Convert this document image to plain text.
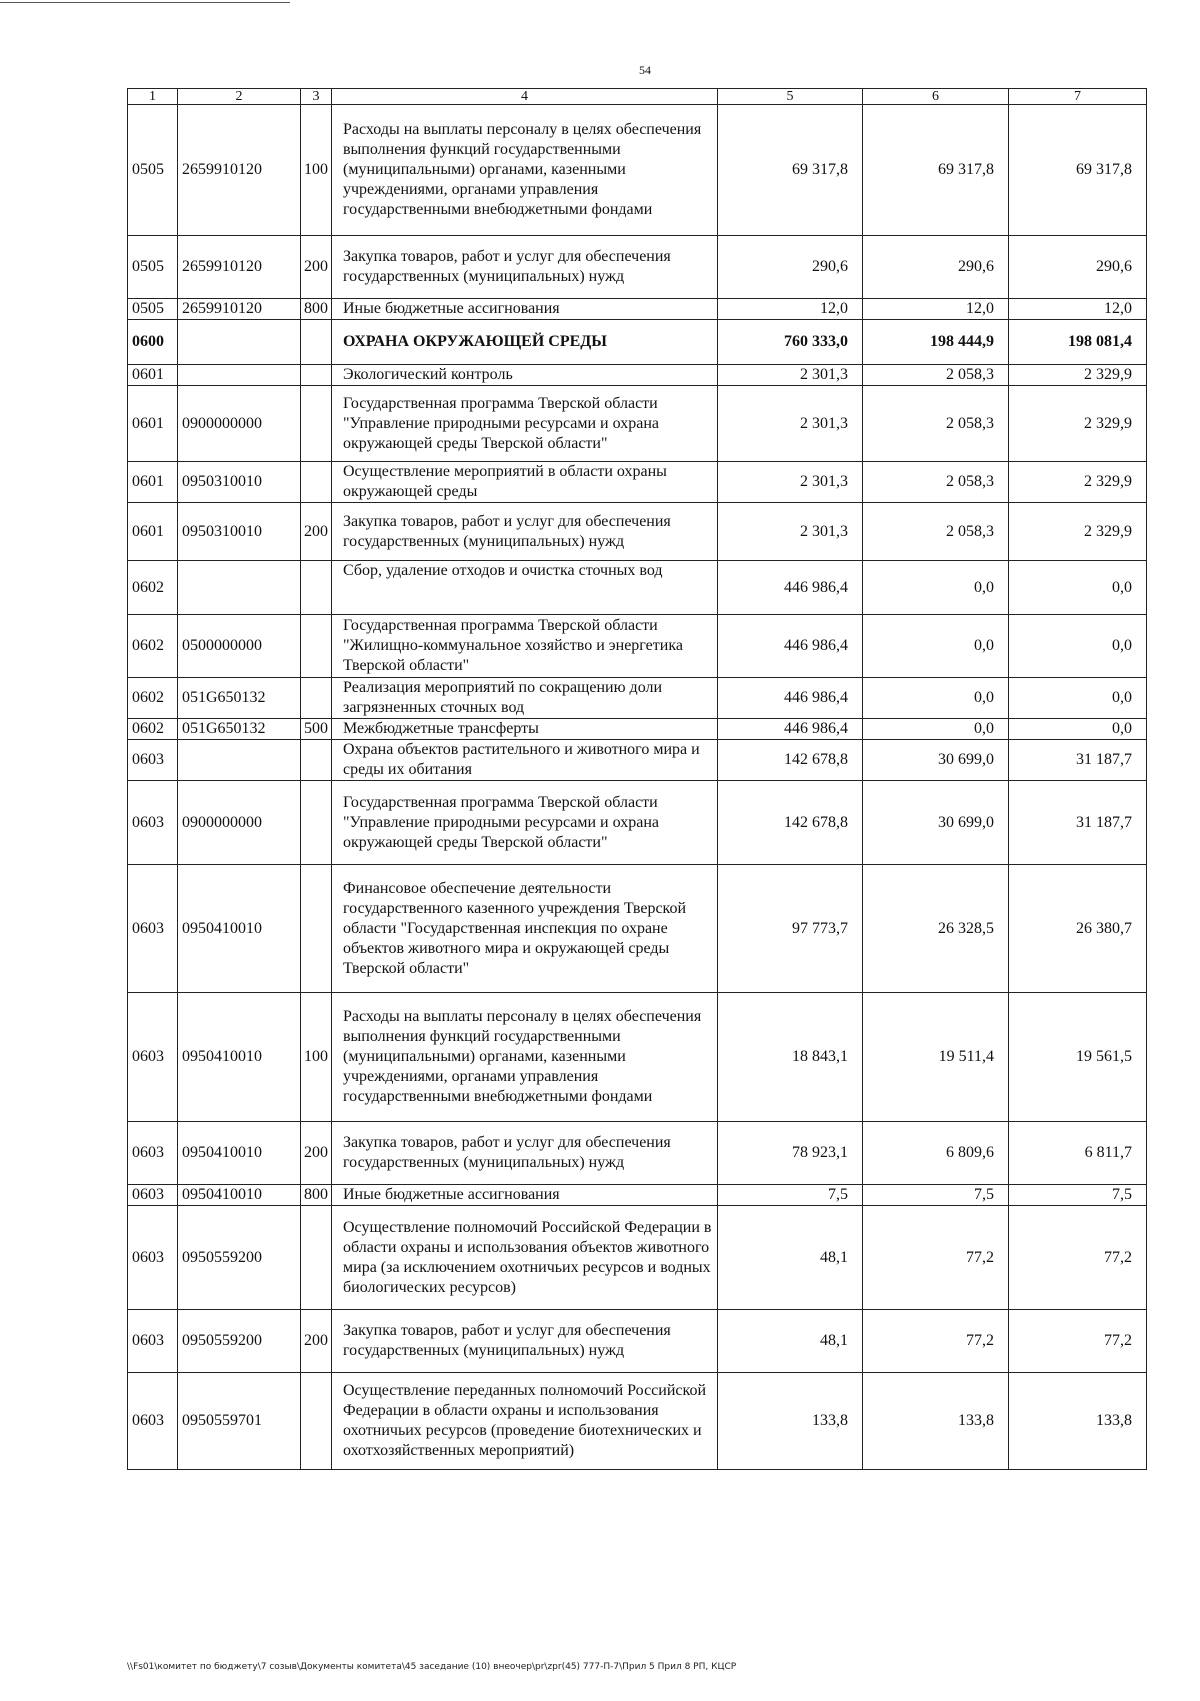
54
1	2	3	4	5	6	7
0505	2659910120	100	Расходы на выплаты персоналу в целях обеспечения выполнения функций государственными (муниципальными) органами, казенными учреждениями, органами управления государственными внебюджетными фондами	69 317,8	69 317,8	69 317,8
0505	2659910120	200	Закупка товаров, работ и услуг для обеспечения государственных (муниципальных) нужд	290,6	290,6	290,6
0505	2659910120	800	Иные бюджетные ассигнования	12,0	12,0	12,0
0600			ОХРАНА ОКРУЖАЮЩЕЙ СРЕДЫ	760 333,0	198 444,9	198 081,4
0601			Экологический контроль	2 301,3	2 058,3	2 329,9
0601	0900000000		Государственная программа Тверской области "Управление природными ресурсами и охрана окружающей среды Тверской области"	2 301,3	2 058,3	2 329,9
0601	0950310010		Осуществление мероприятий в области охраны окружающей среды	2 301,3	2 058,3	2 329,9
0601	0950310010	200	Закупка товаров, работ и услуг для обеспечения государственных (муниципальных) нужд	2 301,3	2 058,3	2 329,9
0602			Сбор, удаление отходов и очистка сточных вод	446 986,4	0,0	0,0
0602	0500000000		Государственная программа Тверской области "Жилищно-коммунальное хозяйство и энергетика Тверской области"	446 986,4	0,0	0,0
0602	051G650132		Реализация мероприятий по сокращению доли загрязненных сточных вод	446 986,4	0,0	0,0
0602	051G650132	500	Межбюджетные трансферты	446 986,4	0,0	0,0
0603			Охрана объектов растительного и животного мира и среды их обитания	142 678,8	30 699,0	31 187,7
0603	0900000000		Государственная программа Тверской области "Управление природными ресурсами и охрана окружающей среды Тверской области"	142 678,8	30 699,0	31 187,7
0603	0950410010		Финансовое обеспечение деятельности государственного казенного учреждения Тверской области "Государственная инспекция по охране объектов животного мира и окружающей среды Тверской области"	97 773,7	26 328,5	26 380,7
0603	0950410010	100	Расходы на выплаты персоналу в целях обеспечения выполнения функций государственными (муниципальными) органами, казенными учреждениями, органами управления государственными внебюджетными фондами	18 843,1	19 511,4	19 561,5
0603	0950410010	200	Закупка товаров, работ и услуг для обеспечения государственных (муниципальных) нужд	78 923,1	6 809,6	6 811,7
0603	0950410010	800	Иные бюджетные ассигнования	7,5	7,5	7,5
0603	0950559200		Осуществление полномочий Российской Федерации в области охраны и использования объектов животного мира (за исключением охотничьих ресурсов и водных биологических ресурсов)	48,1	77,2	77,2
0603	0950559200	200	Закупка товаров, работ и услуг для обеспечения государственных (муниципальных) нужд	48,1	77,2	77,2
0603	0950559701		Осуществление переданных полномочий Российской Федерации в области охраны и использования охотничьих ресурсов (проведение биотехнических и охотхозяйственных мероприятий)	133,8	133,8	133,8
\\Fs01\комитет по бюджету\7 созыв\Документы комитета\45 заседание (10) внеочер\pr\zpr(45) 777-П-7\Прил 5 Прил 8 РП, КЦСР
